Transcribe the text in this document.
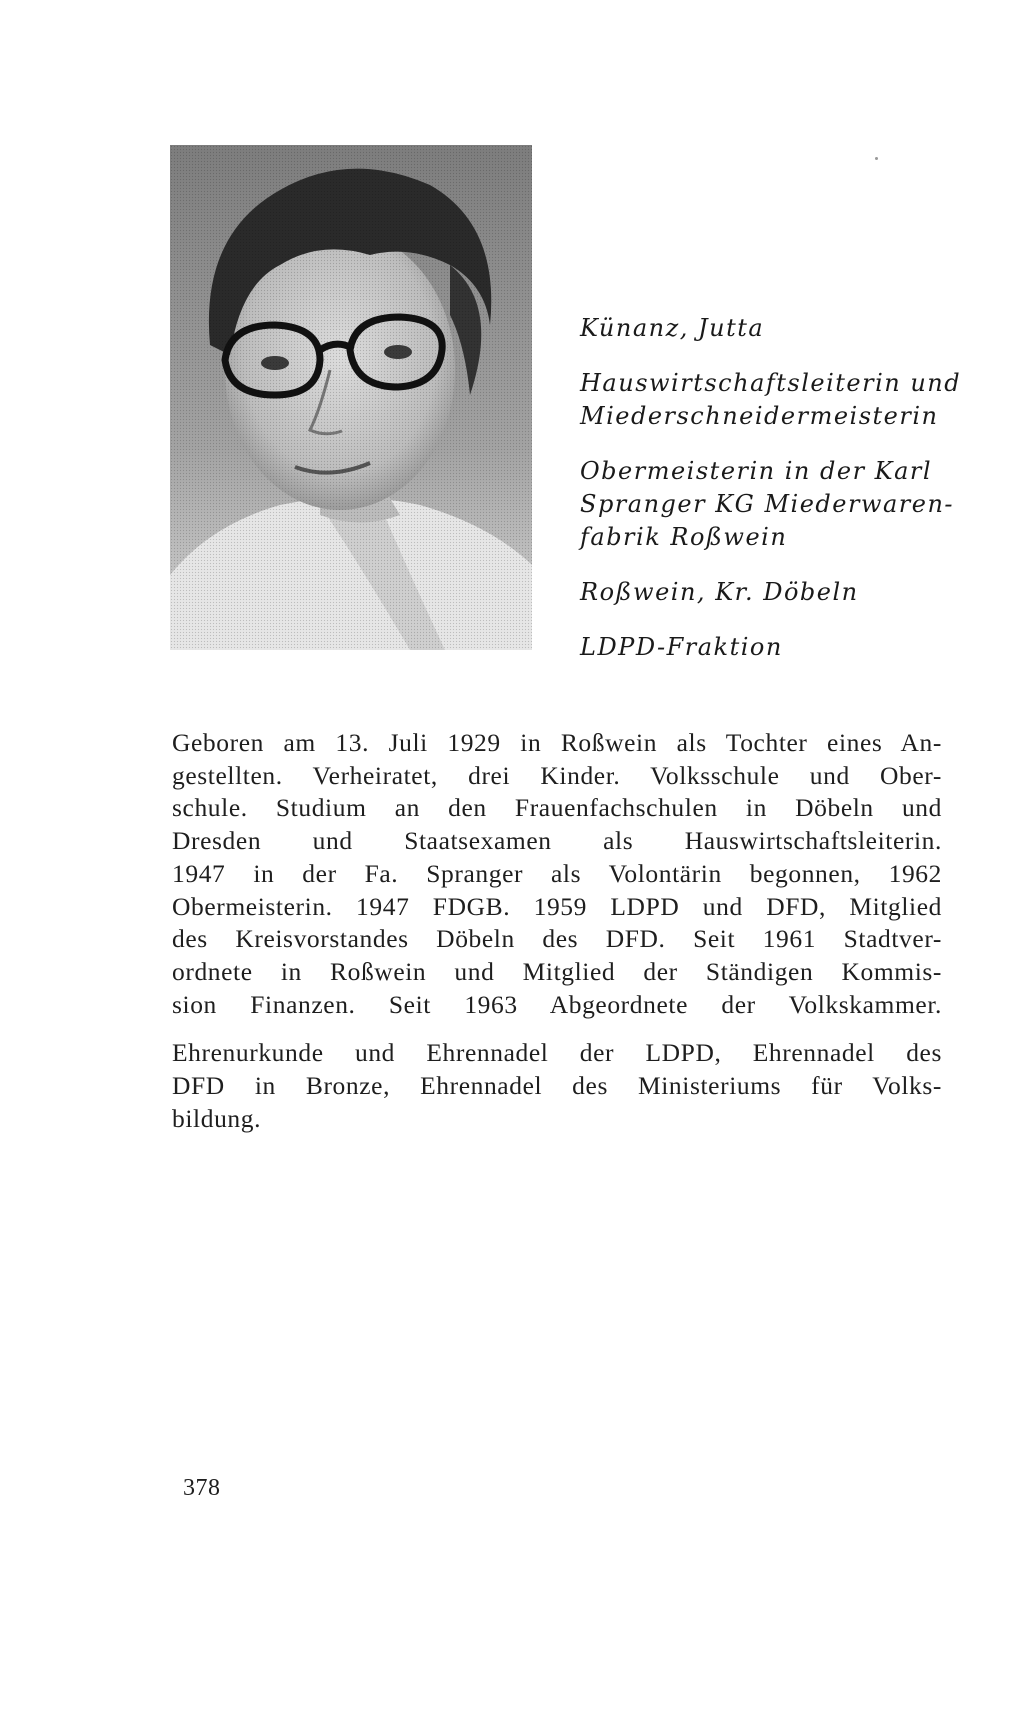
Künanz, Jutta
Hauswirtschaftsleiterin und
Miederschneidermeisterin
Obermeisterin in der Karl
Spranger KG Miederwaren-
fabrik Roßwein
Roßwein, Kr. Döbeln
LDPD-Fraktion
Geboren am 13. Juli 1929 in Roßwein als Tochter eines An-
gestellten. Verheiratet, drei Kinder. Volksschule und Ober-
schule. Studium an den Frauenfachschulen in Döbeln und
Dresden und Staatsexamen als Hauswirtschaftsleiterin.
1947 in der Fa. Spranger als Volontärin begonnen, 1962
Obermeisterin. 1947 FDGB. 1959 LDPD und DFD, Mitglied
des Kreisvorstandes Döbeln des DFD. Seit 1961 Stadtver-
ordnete in Roßwein und Mitglied der Ständigen Kommis-
sion Finanzen. Seit 1963 Abgeordnete der Volkskammer.
Ehrenurkunde und Ehrennadel der LDPD, Ehrennadel des
DFD in Bronze, Ehrennadel des Ministeriums für Volks-
bildung.
378
